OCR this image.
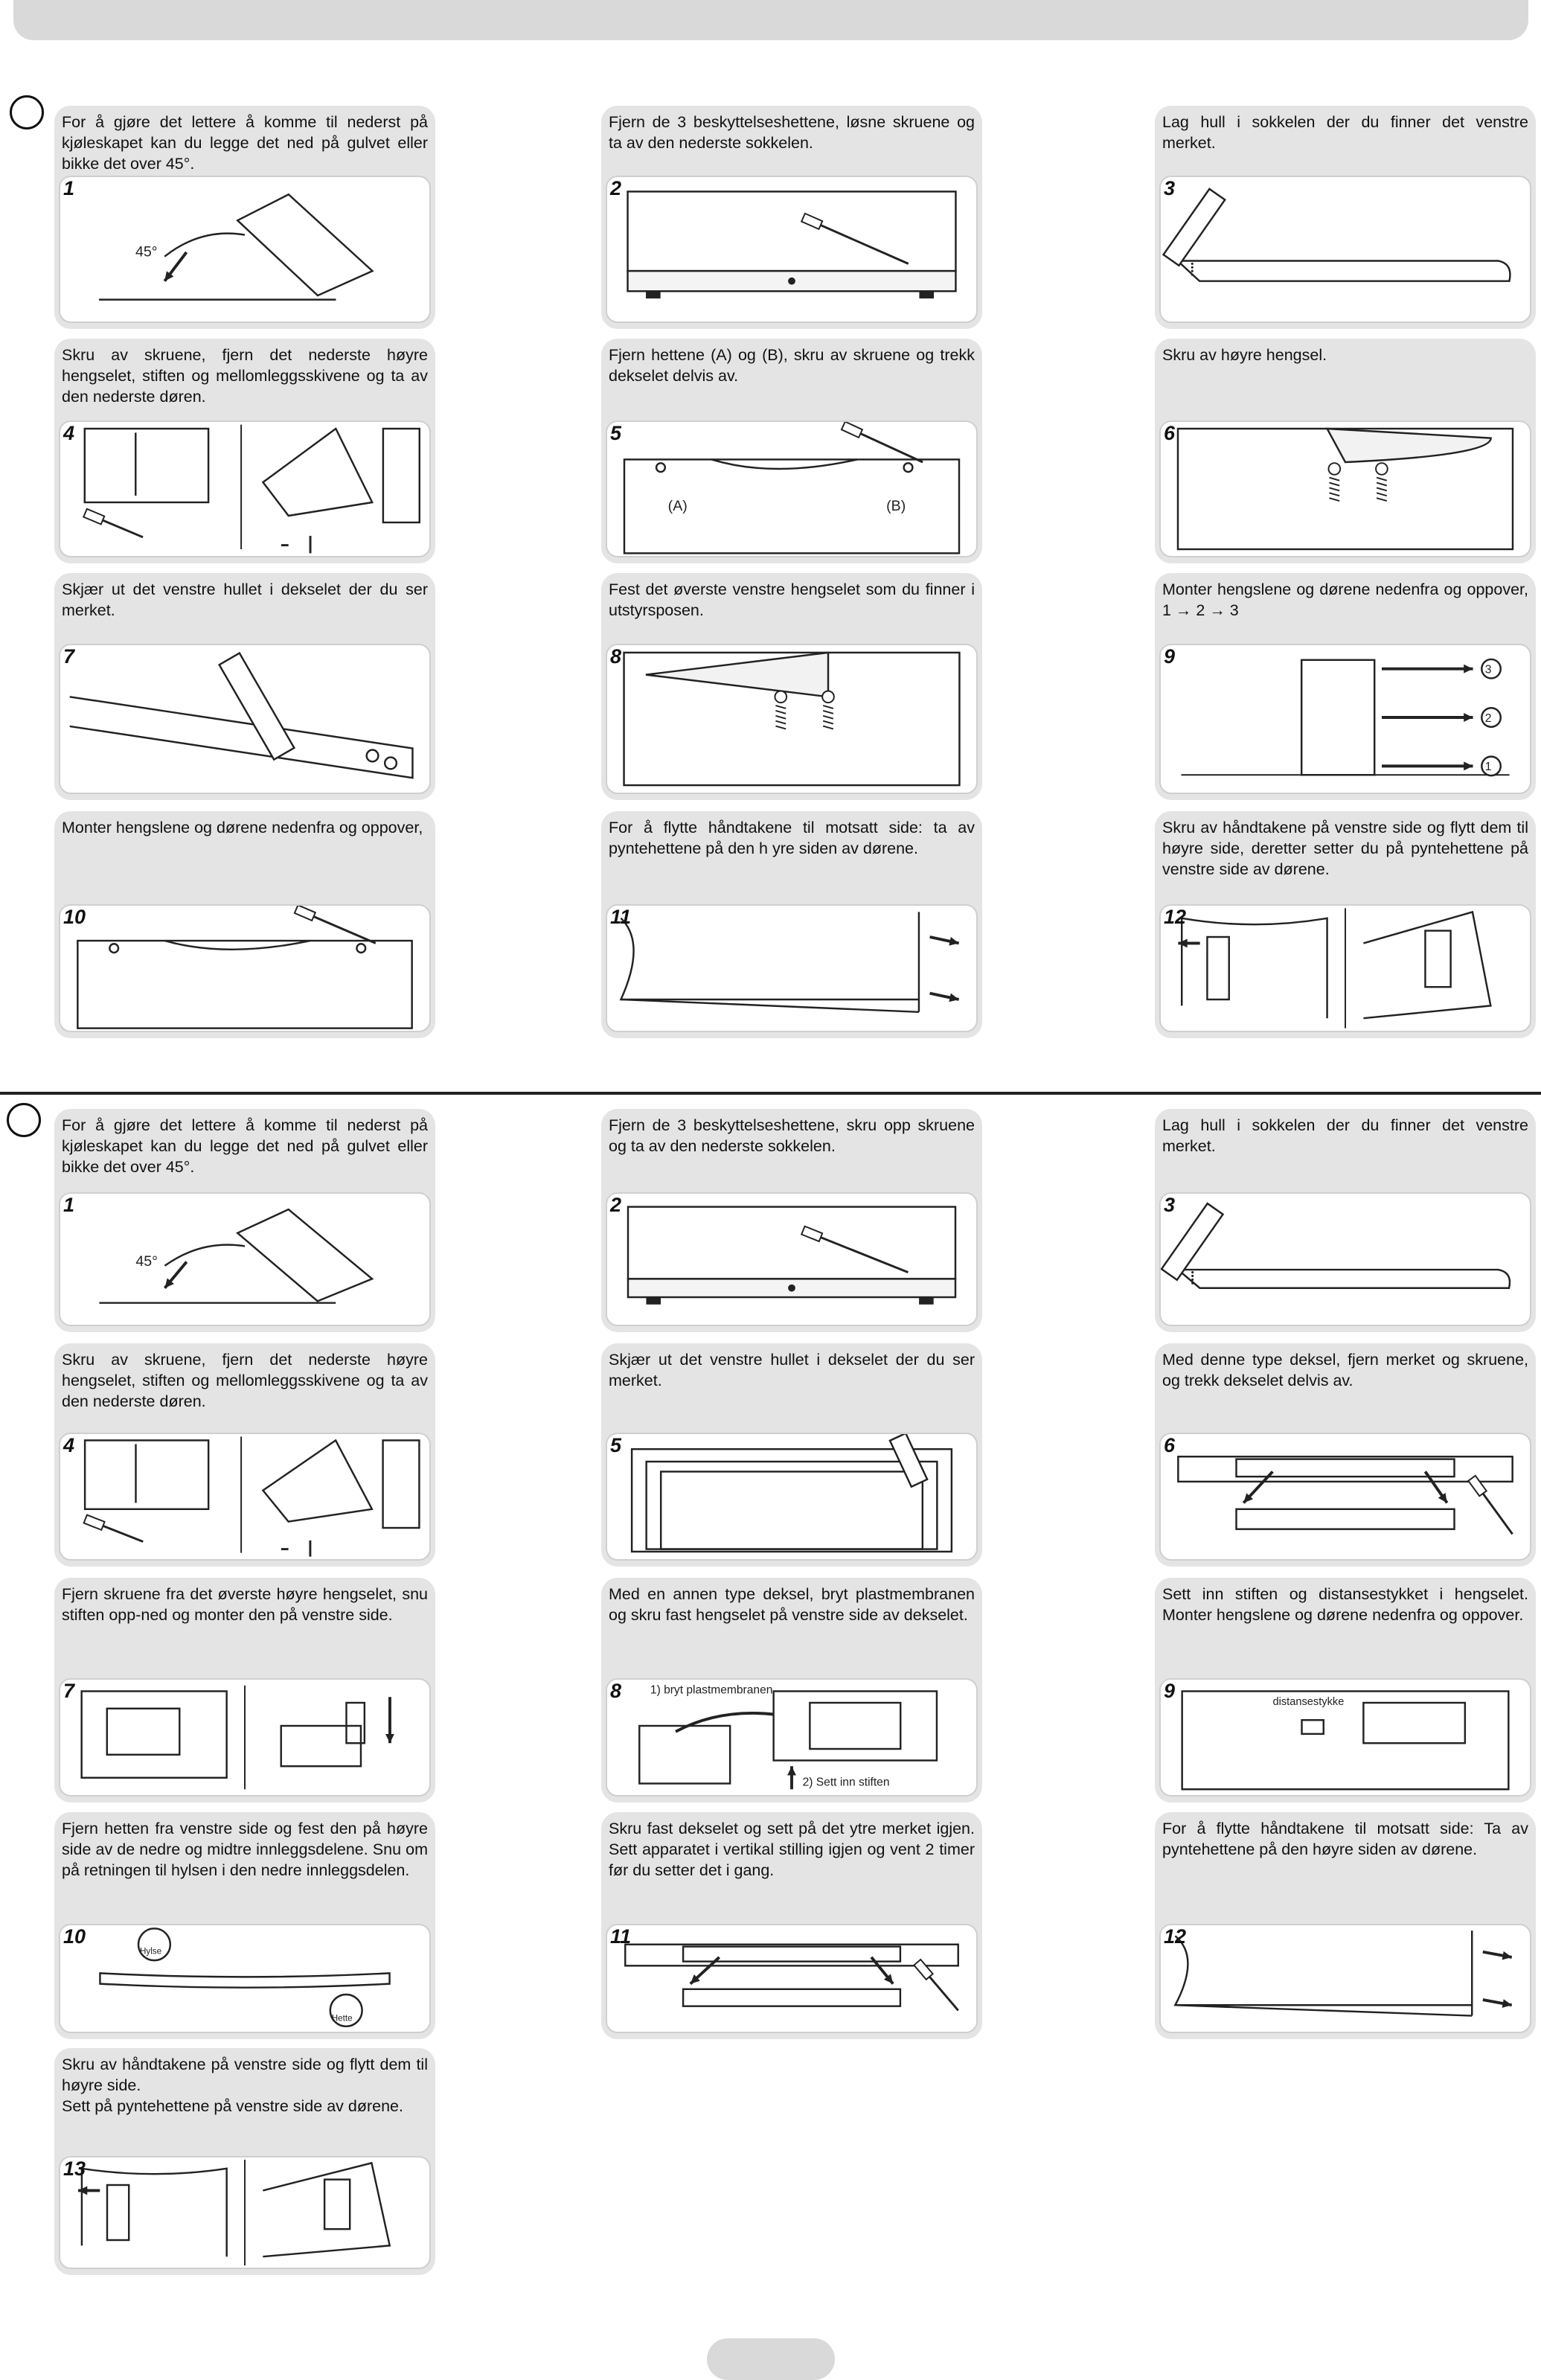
For å gjøre det lettere å komme til nederst på kjøleskapet kan du legge det ned på gulvet eller bikke det over 45°.
45°
1
Fjern de 3 beskyttelseshettene, løsne skruene og ta av den nederste sokkelen.
2
Lag hull i sokkelen der du finner det venstre merket.
3
Skru av skruene, fjern det nederste høyre hengselet, stiften og mellomleggsskivene og ta av den nederste døren.
4
Fjern hettene (A) og (B), skru av skruene og trekk dekselet delvis av.
(A)	(B)
5
Skru av høyre hengsel.
6
Skjær ut det venstre hullet i dekselet der du ser merket.
7
Fest det øverste venstre hengselet som du finner i utstyrsposen.
8
Monter hengslene og dørene nedenfra og oppover, 1 → 2 → 3
3
2
1
9
Monter hengslene og dørene nedenfra og oppover,
10
For å flytte håndtakene til motsatt side: ta av pyntehettene på den h yre siden av dørene.
11
Skru av håndtakene på venstre side og flytt dem til høyre side, deretter setter du på pyntehettene på venstre side av dørene.
12
For å gjøre det lettere å komme til nederst på kjøleskapet kan du legge det ned på gulvet eller bikke det over 45°.
45°
1
Fjern de 3 beskyttelseshettene, skru opp skruene og ta av den nederste sokkelen.
2
Lag hull i sokkelen der du finner det venstre merket.
3
Skru av skruene, fjern det nederste høyre hengselet, stiften og mellomleggsskivene og ta av den nederste døren.
4
Skjær ut det venstre hullet i dekselet der du ser merket.
5
Med denne type deksel, fjern merket og skruene, og trekk dekselet delvis av.
6
Fjern skruene fra det øverste høyre hengselet, snu stiften opp-ned og monter den på venstre side.
7
Med en annen type deksel, bryt plastmembranen og skru fast hengselet på venstre side av dekselet.
1) bryt plastmembranen
2) Sett inn stiften
8
Sett inn stiften og distansestykket i hengselet. Monter hengslene og dørene nedenfra og oppover.
distansestykke
9
Fjern hetten fra venstre side og fest den på høyre side av de nedre og midtre innleggsdelene. Snu om på retningen til hylsen i den nedre innleggsdelen.
Hylse
Hette
10
Skru fast dekselet og sett på det ytre merket igjen. Sett apparatet i vertikal stilling igjen og vent 2 timer før du setter det i gang.
11
For å flytte håndtakene til motsatt side: Ta av pyntehettene på den høyre siden av dørene.
12
Skru av håndtakene på venstre side og flytt dem til høyre side.
Sett på pyntehettene på venstre side av dørene.
13
